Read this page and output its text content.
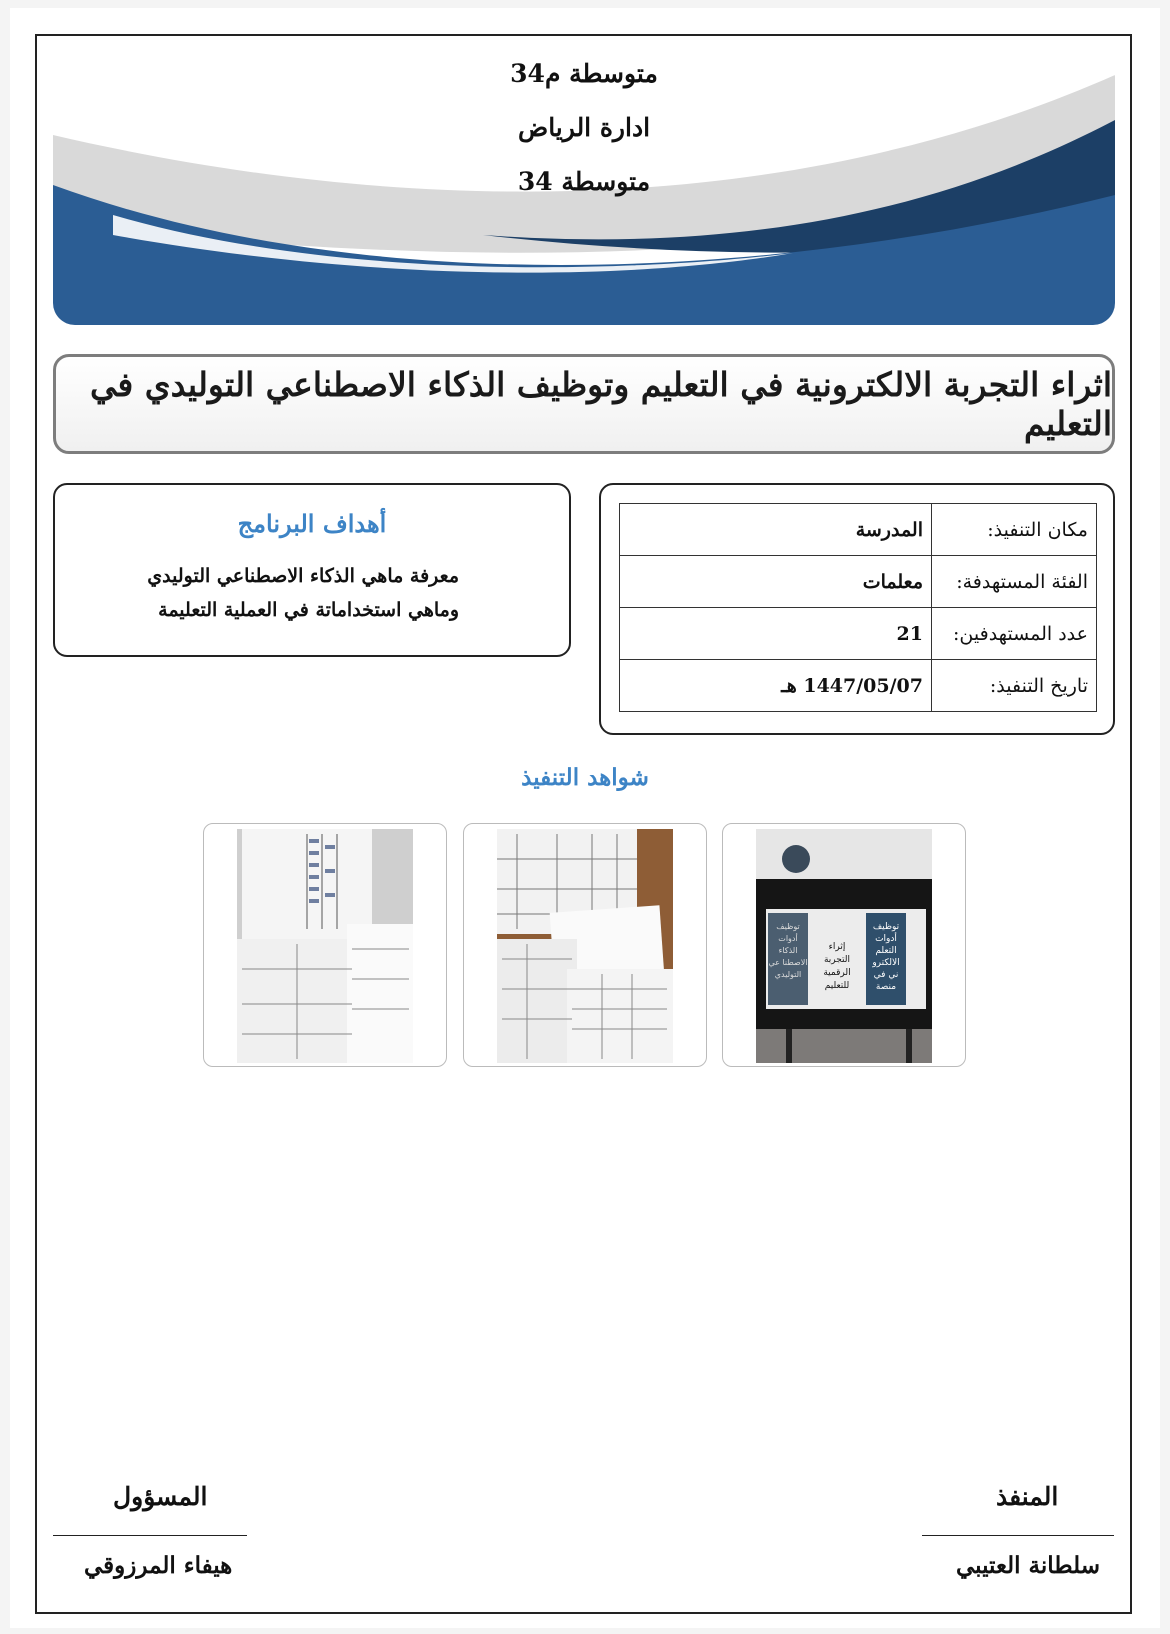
متوسطة م34
ادارة الرياض
متوسطة 34
اثراء التجربة الالكترونية في التعليم وتوظيف الذكاء الاصطناعي التوليدي في التعليم
مكان التنفيذ:	المدرسة
الفئة المستهدفة:	معلمات
عدد المستهدفين:	21
تاريخ التنفيذ:	1447/05/07 هـ
أهداف البرنامج
معرفة ماهي الذكاء الاصطناعي التوليدي
وماهي استخداماتة في العملية التعليمة
شواهد التنفيذ
توظيف أدوات التعلم الالكترو ني في منصة
إثراء التجربة الرقمية للتعليم
توظيف أدوات الذكاء الاصطنا عي التوليدي
المنفذ
سلطانة العتيبي
المسؤول
هيفاء المرزوقي
